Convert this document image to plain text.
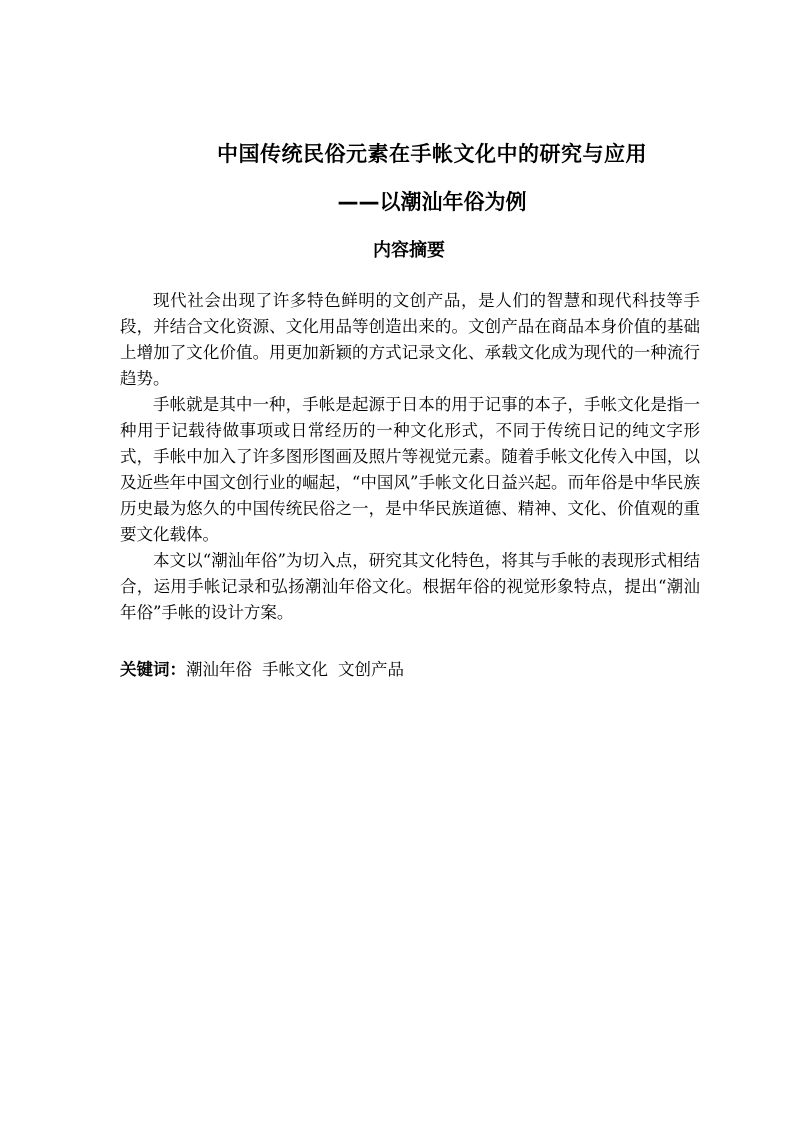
中国传统民俗元素在手帐文化中的研究与应用
——以潮汕年俗为例
内容摘要

现代社会出现了许多特色鲜明的文创产品，是人们的智慧和现代科技等手段，并结合文化资源、文化用品等创造出来的。文创产品在商品本身价值的基础上增加了文化价值。用更加新颖的方式记录文化、承载文化成为现代的一种流行趋势。

手帐就是其中一种，手帐是起源于日本的用于记事的本子，手帐文化是指一种用于记载待做事项或日常经历的一种文化形式，不同于传统日记的纯文字形式，手帐中加入了许多图形图画及照片等视觉元素。随着手帐文化传入中国，以及近些年中国文创行业的崛起，“中国风”手帐文化日益兴起。而年俗是中华民族历史最为悠久的中国传统民俗之一，是中华民族道德、精神、文化、价值观的重要文化载体。

本文以“潮汕年俗”为切入点，研究其文化特色，将其与手帐的表现形式相结合，运用手帐记录和弘扬潮汕年俗文化。根据年俗的视觉形象特点，提出“潮汕年俗”手帐的设计方案。

关键词：潮汕年俗 手帐文化 文创产品
